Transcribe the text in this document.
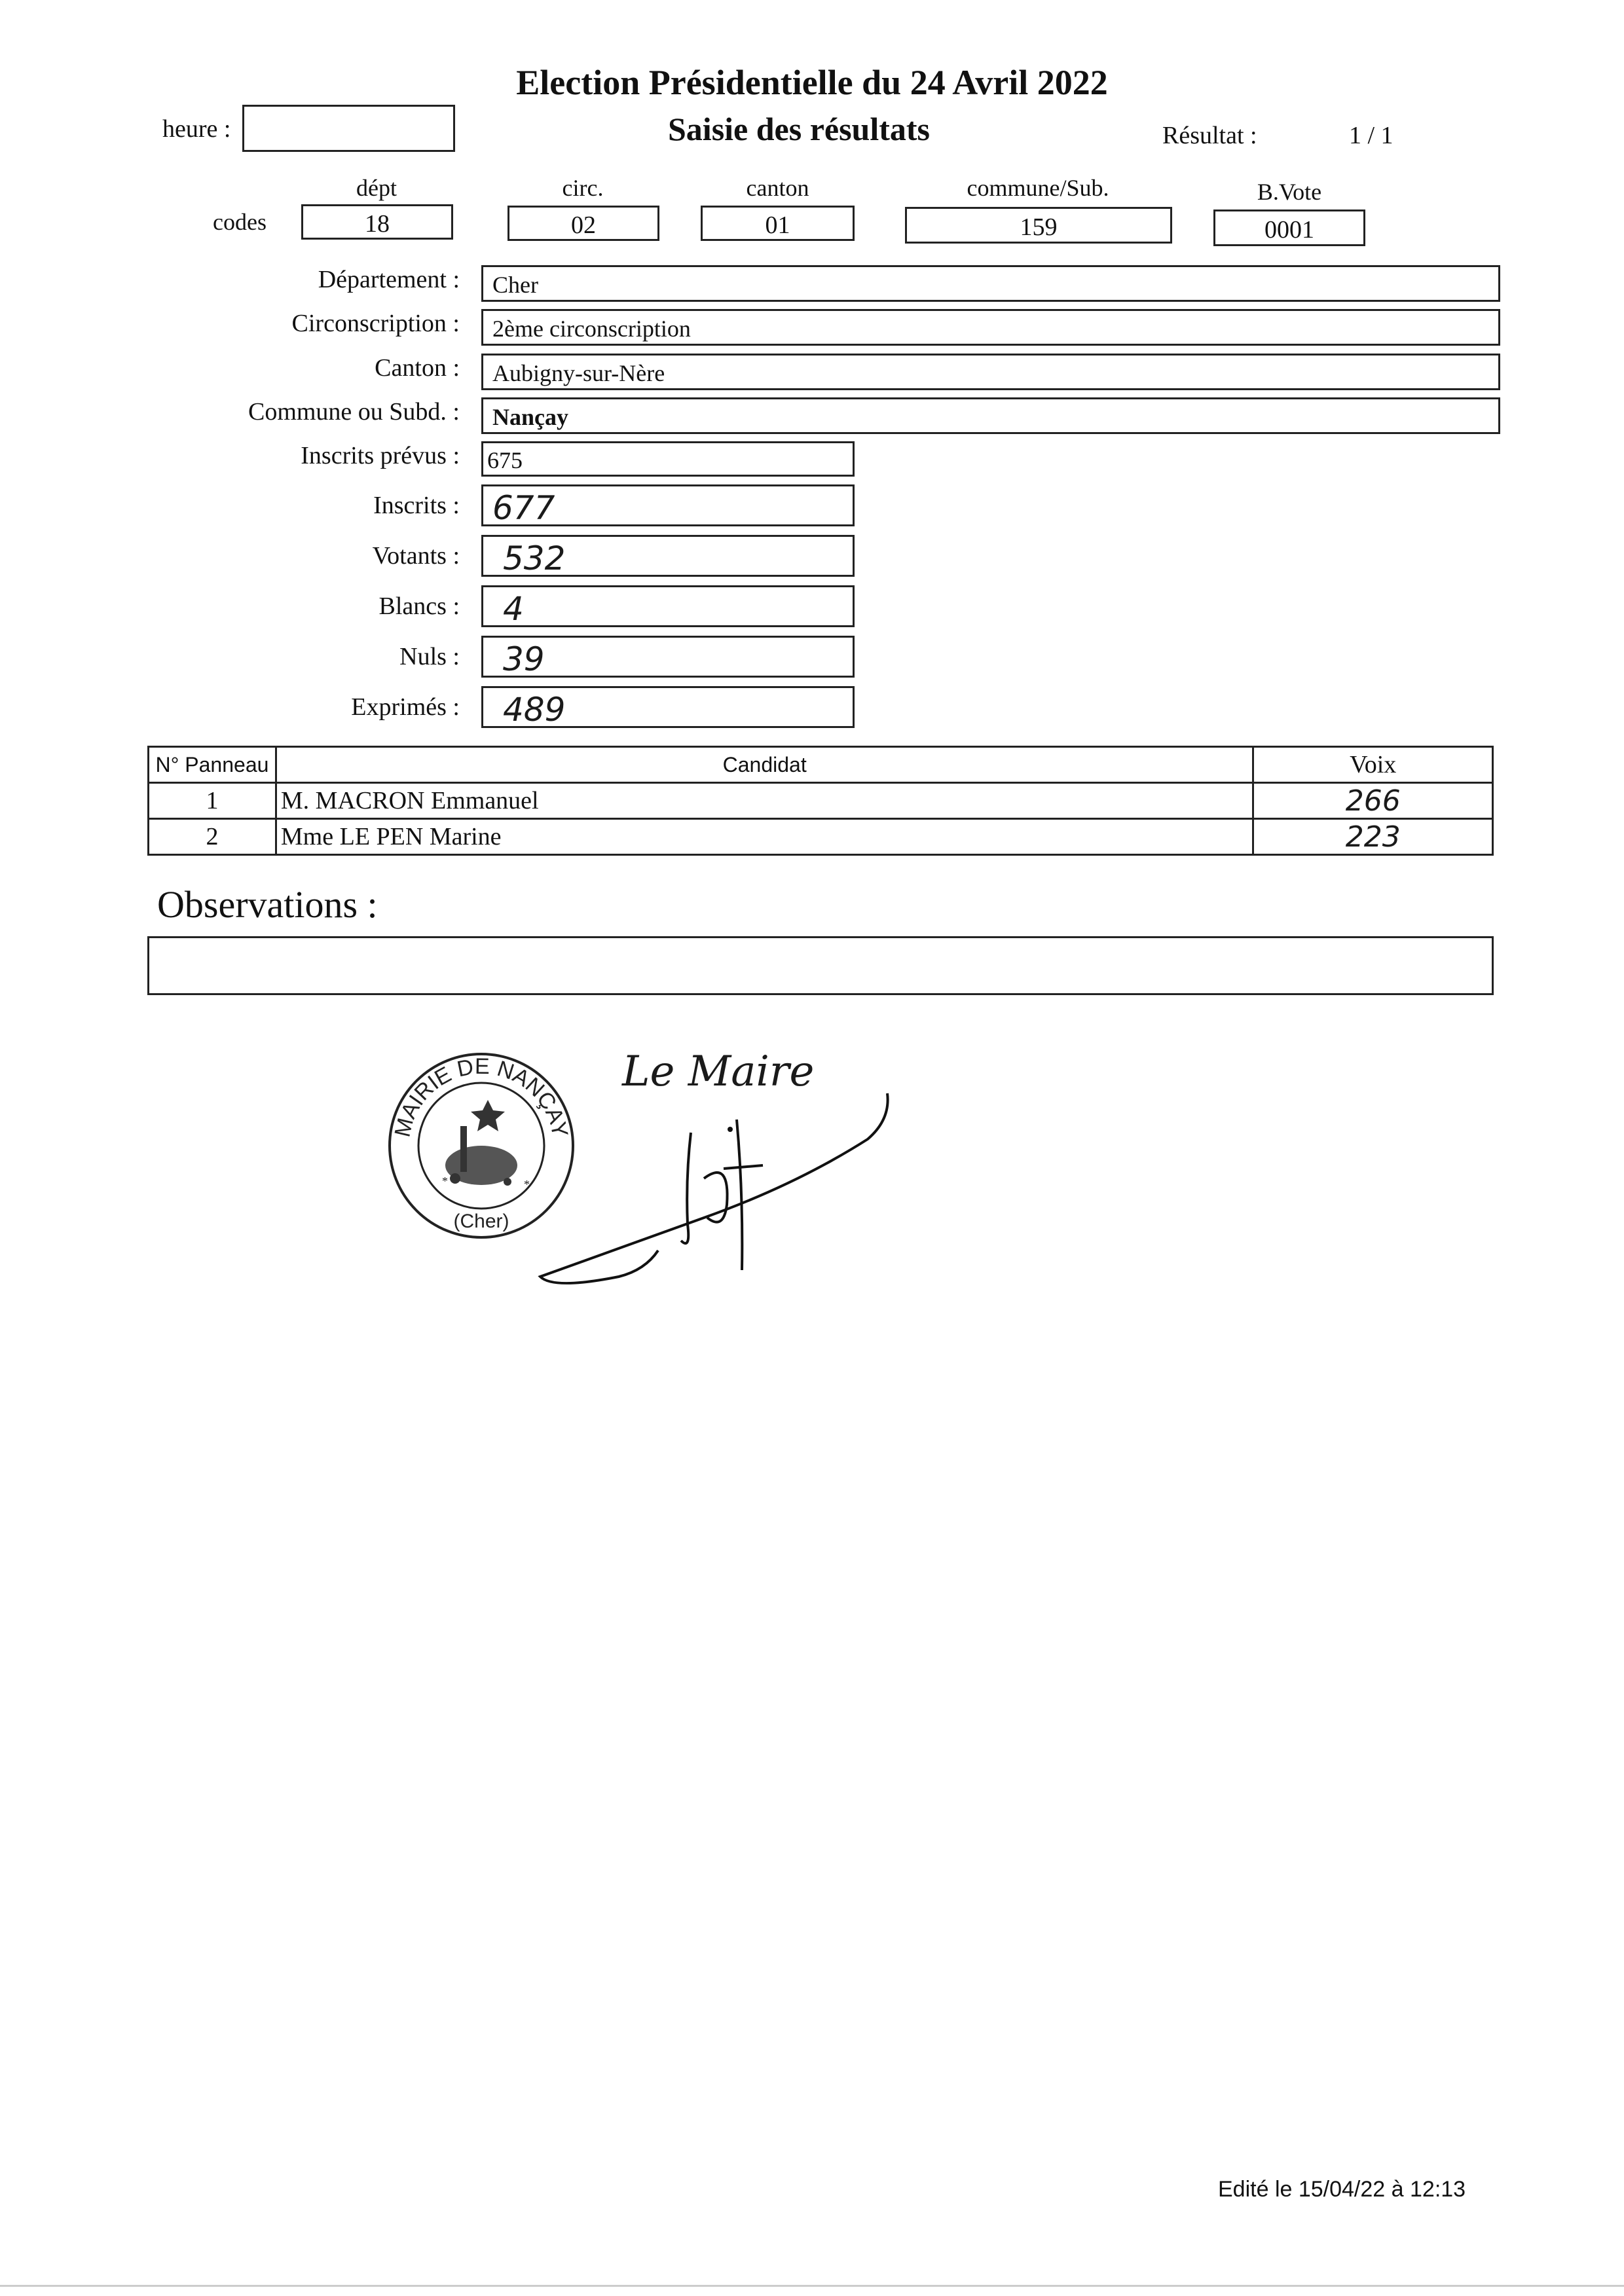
Election Présidentielle du 24 Avril 2022
Saisie des résultats
heure :	Résultat :	1 / 1
codes
dépt
18
circ.
02
canton
01
commune/Sub.
159
B.Vote
0001
Département : Cher
Circonscription : 2ème circonscription
Canton : Aubigny-sur-Nère
Commune ou Subd. : Nançay
Inscrits prévus : 675
Inscrits : 677
Votants : 532
Blancs : 4
Nuls : 39
Exprimés : 489
N° Panneau	Candidat	Voix
1	M. MACRON Emmanuel	266
2	Mme LE PEN Marine	223
Observations :
MAIRIE DE NANÇAY
(Cher)
*	*
Le Maire
Edité le 15/04/22 à 12:13
